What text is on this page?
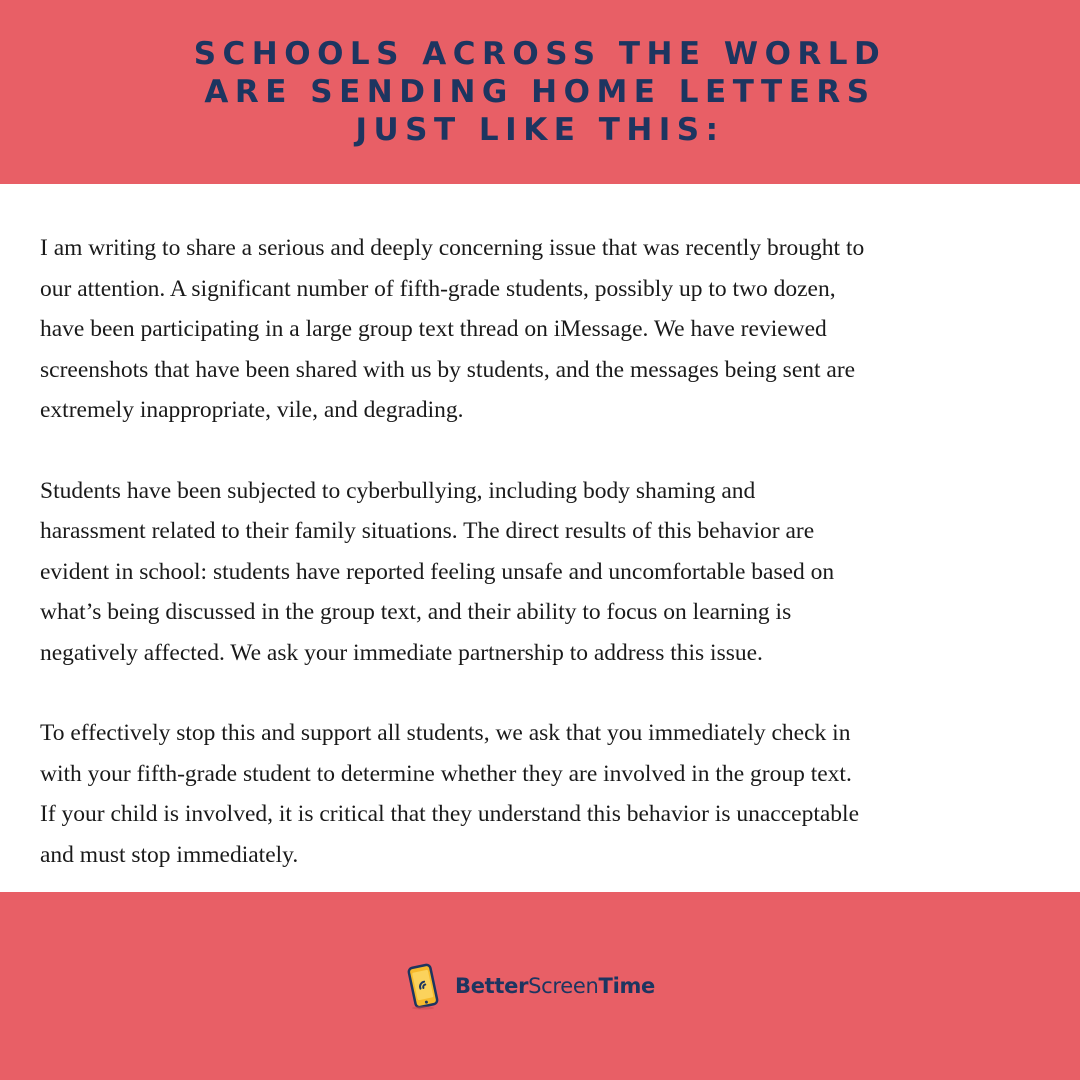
SCHOOLS ACROSS THE WORLD
ARE SENDING HOME LETTERS
JUST LIKE THIS:

I am writing to share a serious and deeply concerning issue that was recently brought to
our attention. A significant number of fifth-grade students, possibly up to two dozen,
have been participating in a large group text thread on iMessage. We have reviewed
screenshots that have been shared with us by students, and the messages being sent are
extremely inappropriate, vile, and degrading.

Students have been subjected to cyberbullying, including body shaming and
harassment related to their family situations. The direct results of this behavior are
evident in school: students have reported feeling unsafe and uncomfortable based on
what’s being discussed in the group text, and their ability to focus on learning is
negatively affected. We ask your immediate partnership to address this issue.

To effectively stop this and support all students, we ask that you immediately check in
with your fifth-grade student to determine whether they are involved in the group text.
If your child is involved, it is critical that they understand this behavior is unacceptable
and must stop immediately.

BetterScreenTime
